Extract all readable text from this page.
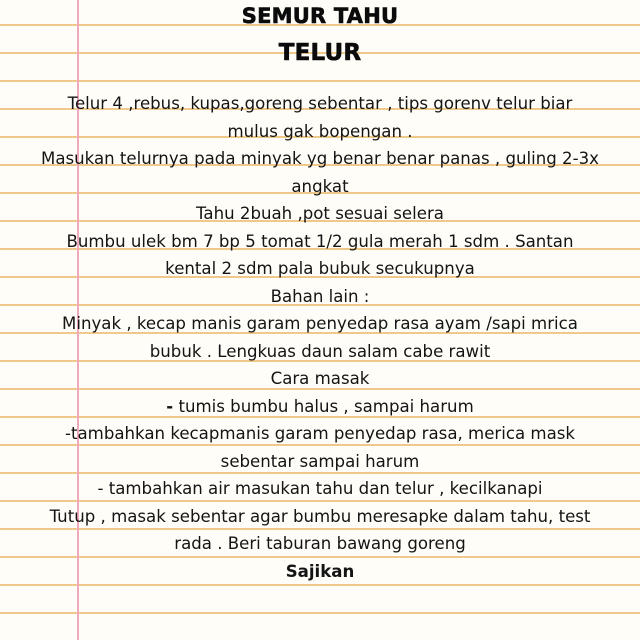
SEMUR TAHU
TELUR
Telur 4 ,rebus, kupas,goreng sebentar , tips gorenv telur biar
mulus gak bopengan .
Masukan telurnya pada minyak yg benar benar panas , guling 2-3x
angkat
Tahu 2buah ,pot sesuai selera
Bumbu ulek bm 7 bp 5 tomat 1/2 gula merah 1 sdm . Santan
kental 2 sdm pala bubuk secukupnya
Bahan lain :
Minyak , kecap manis garam penyedap rasa ayam /sapi mrica
bubuk . Lengkuas daun salam cabe rawit
Cara masak
- tumis bumbu halus , sampai harum
-tambahkan kecapmanis garam penyedap rasa, merica mask
sebentar sampai harum
- tambahkan air masukan tahu dan telur , kecilkanapi
Tutup , masak sebentar agar bumbu meresapke dalam tahu, test
rada . Beri taburan bawang goreng
Sajikan
